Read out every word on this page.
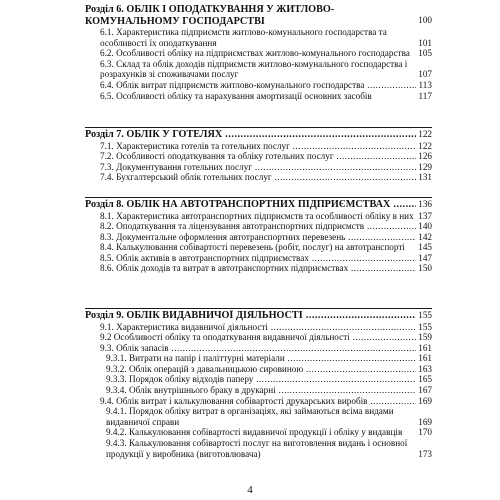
Розділ 6. ОБЛІК І ОПОДАТКУВАННЯ У ЖИТЛОВО-КОМУНАЛЬНОМУ ГОСПОДАРСТВІ	100
6.1. Характеристика підприємств житлово-комунального господарства та особливості їх оподаткування	101
6.2. Особливості обліку на підприємствах житлово-комунального господарства 105
6.3. Склад та облік доходів підприємств житлово-комунального господарства і розрахунків зі споживачами послуг	107
6.4. Облік витрат підприємств житлово-комунального господарства .....	113
6.5. Особливості обліку та нарахування амортизації основних засобів	117
Розділ 7. ОБЛІК У ГОТЕЛЯХ .....	122
7.1. Характеристика готелів та готельних послуг .....	122
7.2. Особливості оподаткування та обліку готельних послуг .....	126
7.3. Документування готельних послуг .....	129
7.4. Бухгалтерський облік готельних послуг .....	131
Розділ 8. ОБЛІК НА АВТОТРАНСПОРТНИХ ПІДПРИЄМСТВАХ .....	136
8.1. Характеристика автотранспортних підприємств та особливості обліку в них 137
8.2. Оподаткування та ліцензування автотранспортних підприємств .....	140
8.3. Документальне оформлення автотранспортних перевезень .....	142
8.4. Калькулювання собівартості перевезень (робіт, послуг) на автотранспорті	145
8.5. Облік активів в автотранспортних підприємствах .....	147
8.6. Облік доходів та витрат в автотранспортних підприємствах .....	150
Розділ 9. ОБЛІК ВИДАВНИЧОЇ ДІЯЛЬНОСТІ .....	155
9.1. Характеристика видавничої діяльності .....	155
9.2 Особливості обліку та оподаткування видавничої діяльності .....	159
9.3. Облік запасів .....	161
9.3.1. Витрати на папір і паліттурні матеріали .....	161
9.3.2. Облік операцій з давальницькою сировиною .....	163
9.3.3. Порядок обліку відходів паперу .....	165
9.3.4. Облік внутрішнього браку в друкарні .....	167
9.4. Облік витрат і калькулювання собівартості друкарських виробів .....	169
9.4.1. Порядок обліку витрат в організаціях, які займаються всіма видами видавничої справи	169
9.4.2. Калькулювання собівартості видавничої продукції і обліку у видавців	170
9.4.3. Калькулювання собівартості послуг на виготовлення видань і основної продукції у виробника (виготовлювача)	173
4
